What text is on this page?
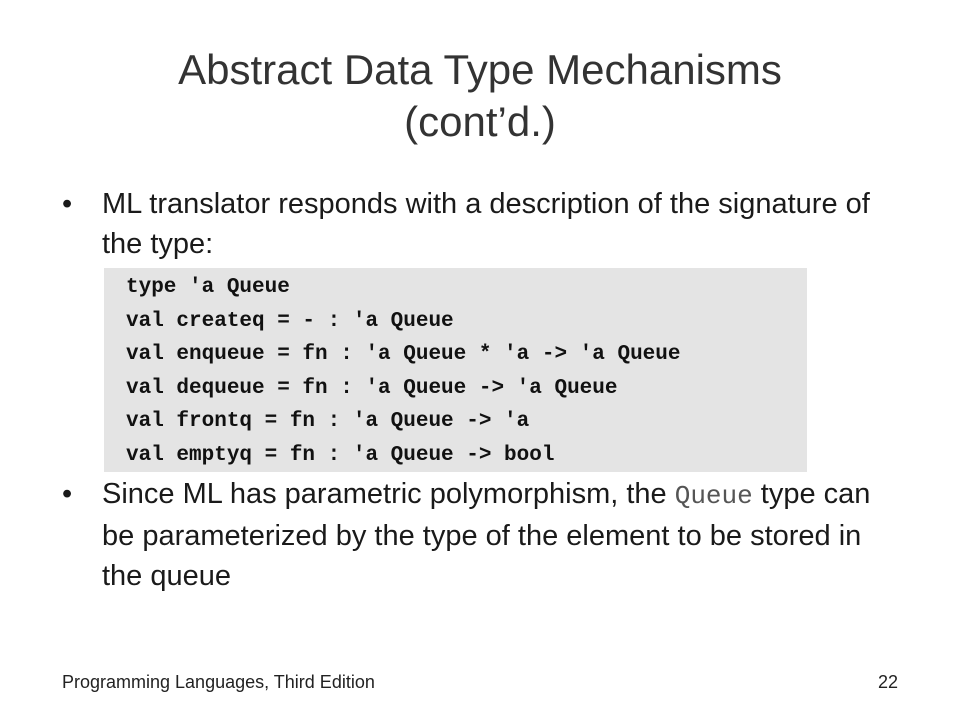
Abstract Data Type Mechanisms
(cont’d.)
•	ML translator responds with a description of the signature of the type:
type 'a Queue
val createq = - : 'a Queue
val enqueue = fn : 'a Queue * 'a -> 'a Queue
val dequeue = fn : 'a Queue -> 'a Queue
val frontq = fn : 'a Queue -> 'a
val emptyq = fn : 'a Queue -> bool
•	Since ML has parametric polymorphism, the Queue type can be parameterized by the type of the element to be stored in the queue
Programming Languages, Third Edition	22
